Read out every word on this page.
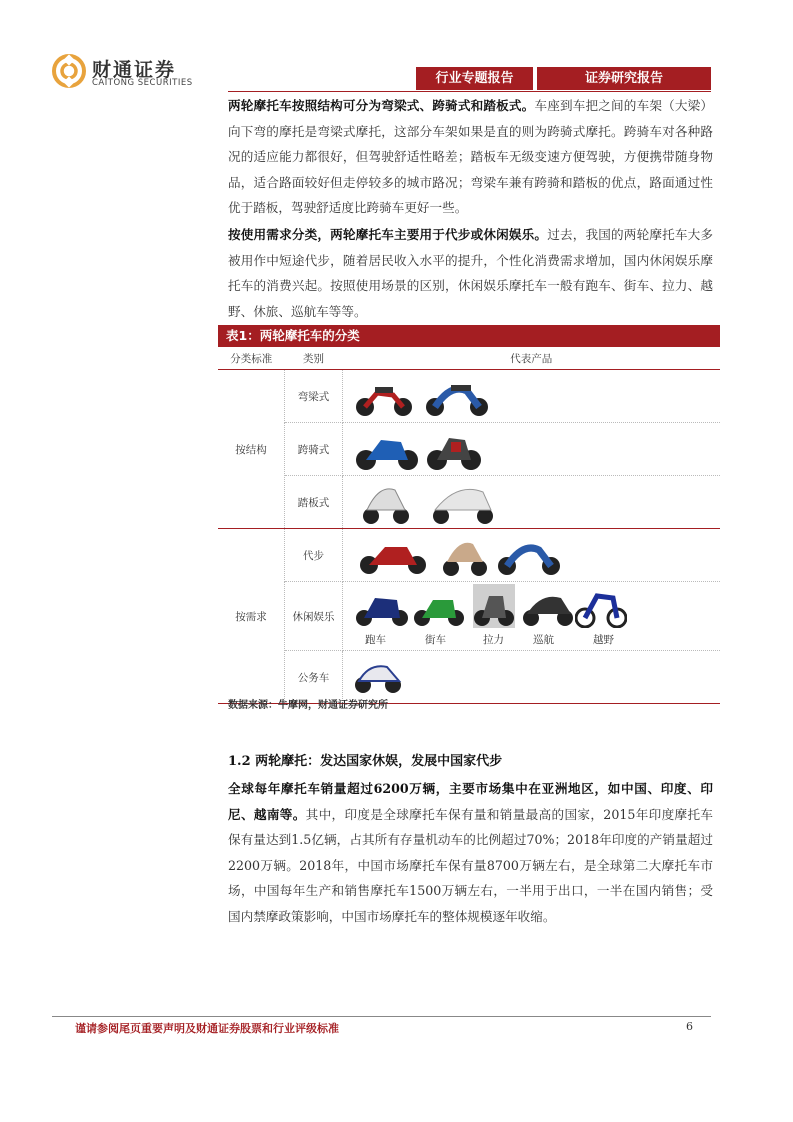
财通证券
CAITONG SECURITIES	行业专题报告	证券研究报告
两轮摩托车按照结构可分为弯梁式、跨骑式和踏板式。车座到车把之间的车架（大梁）向下弯的摩托是弯梁式摩托，这部分车架如果是直的则为跨骑式摩托。跨骑车对各种路况的适应能力都很好，但驾驶舒适性略差；踏板车无级变速方便驾驶，方便携带随身物品，适合路面较好但走停较多的城市路况；弯梁车兼有跨骑和踏板的优点，路面通过性优于踏板，驾驶舒适度比跨骑车更好一些。
按使用需求分类，两轮摩托车主要用于代步或休闲娱乐。过去，我国的两轮摩托车大多被用作中短途代步，随着居民收入水平的提升，个性化消费需求增加，国内休闲娱乐摩托车的消费兴起。按照使用场景的区别，休闲娱乐摩托车一般有跑车、街车、拉力、越野、休旅、巡航车等等。
表1：两轮摩托车的分类
分类标准	类别	代表产品
按结构	弯梁式	

	跨骑式	

	踏板式	

按需求	代步	

	休闲娱乐	跑车 街车 拉力 巡航 越野

	公务车	
数据来源：牛摩网，财通证券研究所
1.2 两轮摩托：发达国家休娱，发展中国家代步
全球每年摩托车销量超过6200万辆，主要市场集中在亚洲地区，如中国、印度、印尼、越南等。其中，印度是全球摩托车保有量和销量最高的国家，2015年印度摩托车保有量达到1.5亿辆，占其所有存量机动车的比例超过70%；2018年印度的产销量超过2200万辆。2018年，中国市场摩托车保有量8700万辆左右，是全球第二大摩托车市场，中国每年生产和销售摩托车1500万辆左右，一半用于出口，一半在国内销售；受国内禁摩政策影响，中国市场摩托车的整体规模逐年收缩。
谨请参阅尾页重要声明及财通证券股票和行业评级标准	6
